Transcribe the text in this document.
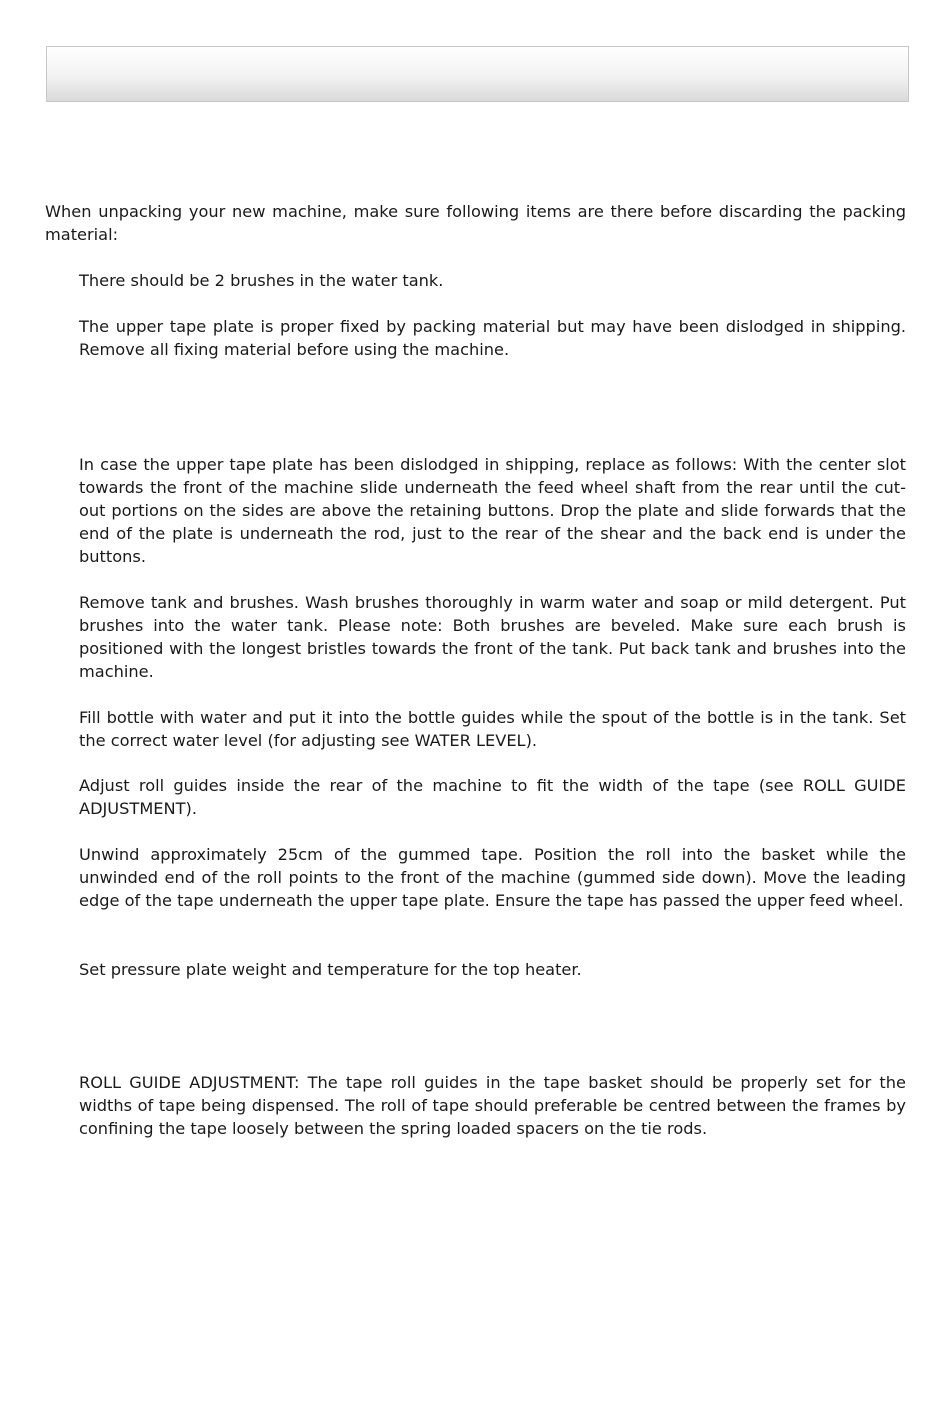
When unpacking your new machine, make sure following items are there before discarding the packing material:

There should be 2 brushes in the water tank.

The upper tape plate is proper fixed by packing material but may have been dislodged in shipping. Remove all fixing material before using the machine.

In case the upper tape plate has been dislodged in shipping, replace as follows: With the center slot towards the front of the machine slide underneath the feed wheel shaft from the rear until the cut-out portions on the sides are above the retaining buttons. Drop the plate and slide forwards that the end of the plate is underneath the rod, just to the rear of the shear and the back end is under the buttons.

Remove tank and brushes. Wash brushes thoroughly in warm water and soap or mild detergent. Put brushes into the water tank. Please note: Both brushes are beveled. Make sure each brush is positioned with the longest bristles towards the front of the tank. Put back tank and brushes into the machine.

Fill bottle with water and put it into the bottle guides while the spout of the bottle is in the tank. Set the correct water level (for adjusting see WATER LEVEL).

Adjust roll guides inside the rear of the machine to fit the width of the tape (see ROLL GUIDE ADJUSTMENT).

Unwind approximately 25cm of the gummed tape. Position the roll into the basket while the unwinded end of the roll points to the front of the machine (gummed side down). Move the leading edge of the tape underneath the upper tape plate. Ensure the tape has passed the upper feed wheel.

Set pressure plate weight and temperature for the top heater.

ROLL GUIDE ADJUSTMENT: The tape roll guides in the tape basket should be properly set for the widths of tape being dispensed. The roll of tape should preferable be centred between the frames by confining the tape loosely between the spring loaded spacers on the tie rods.
